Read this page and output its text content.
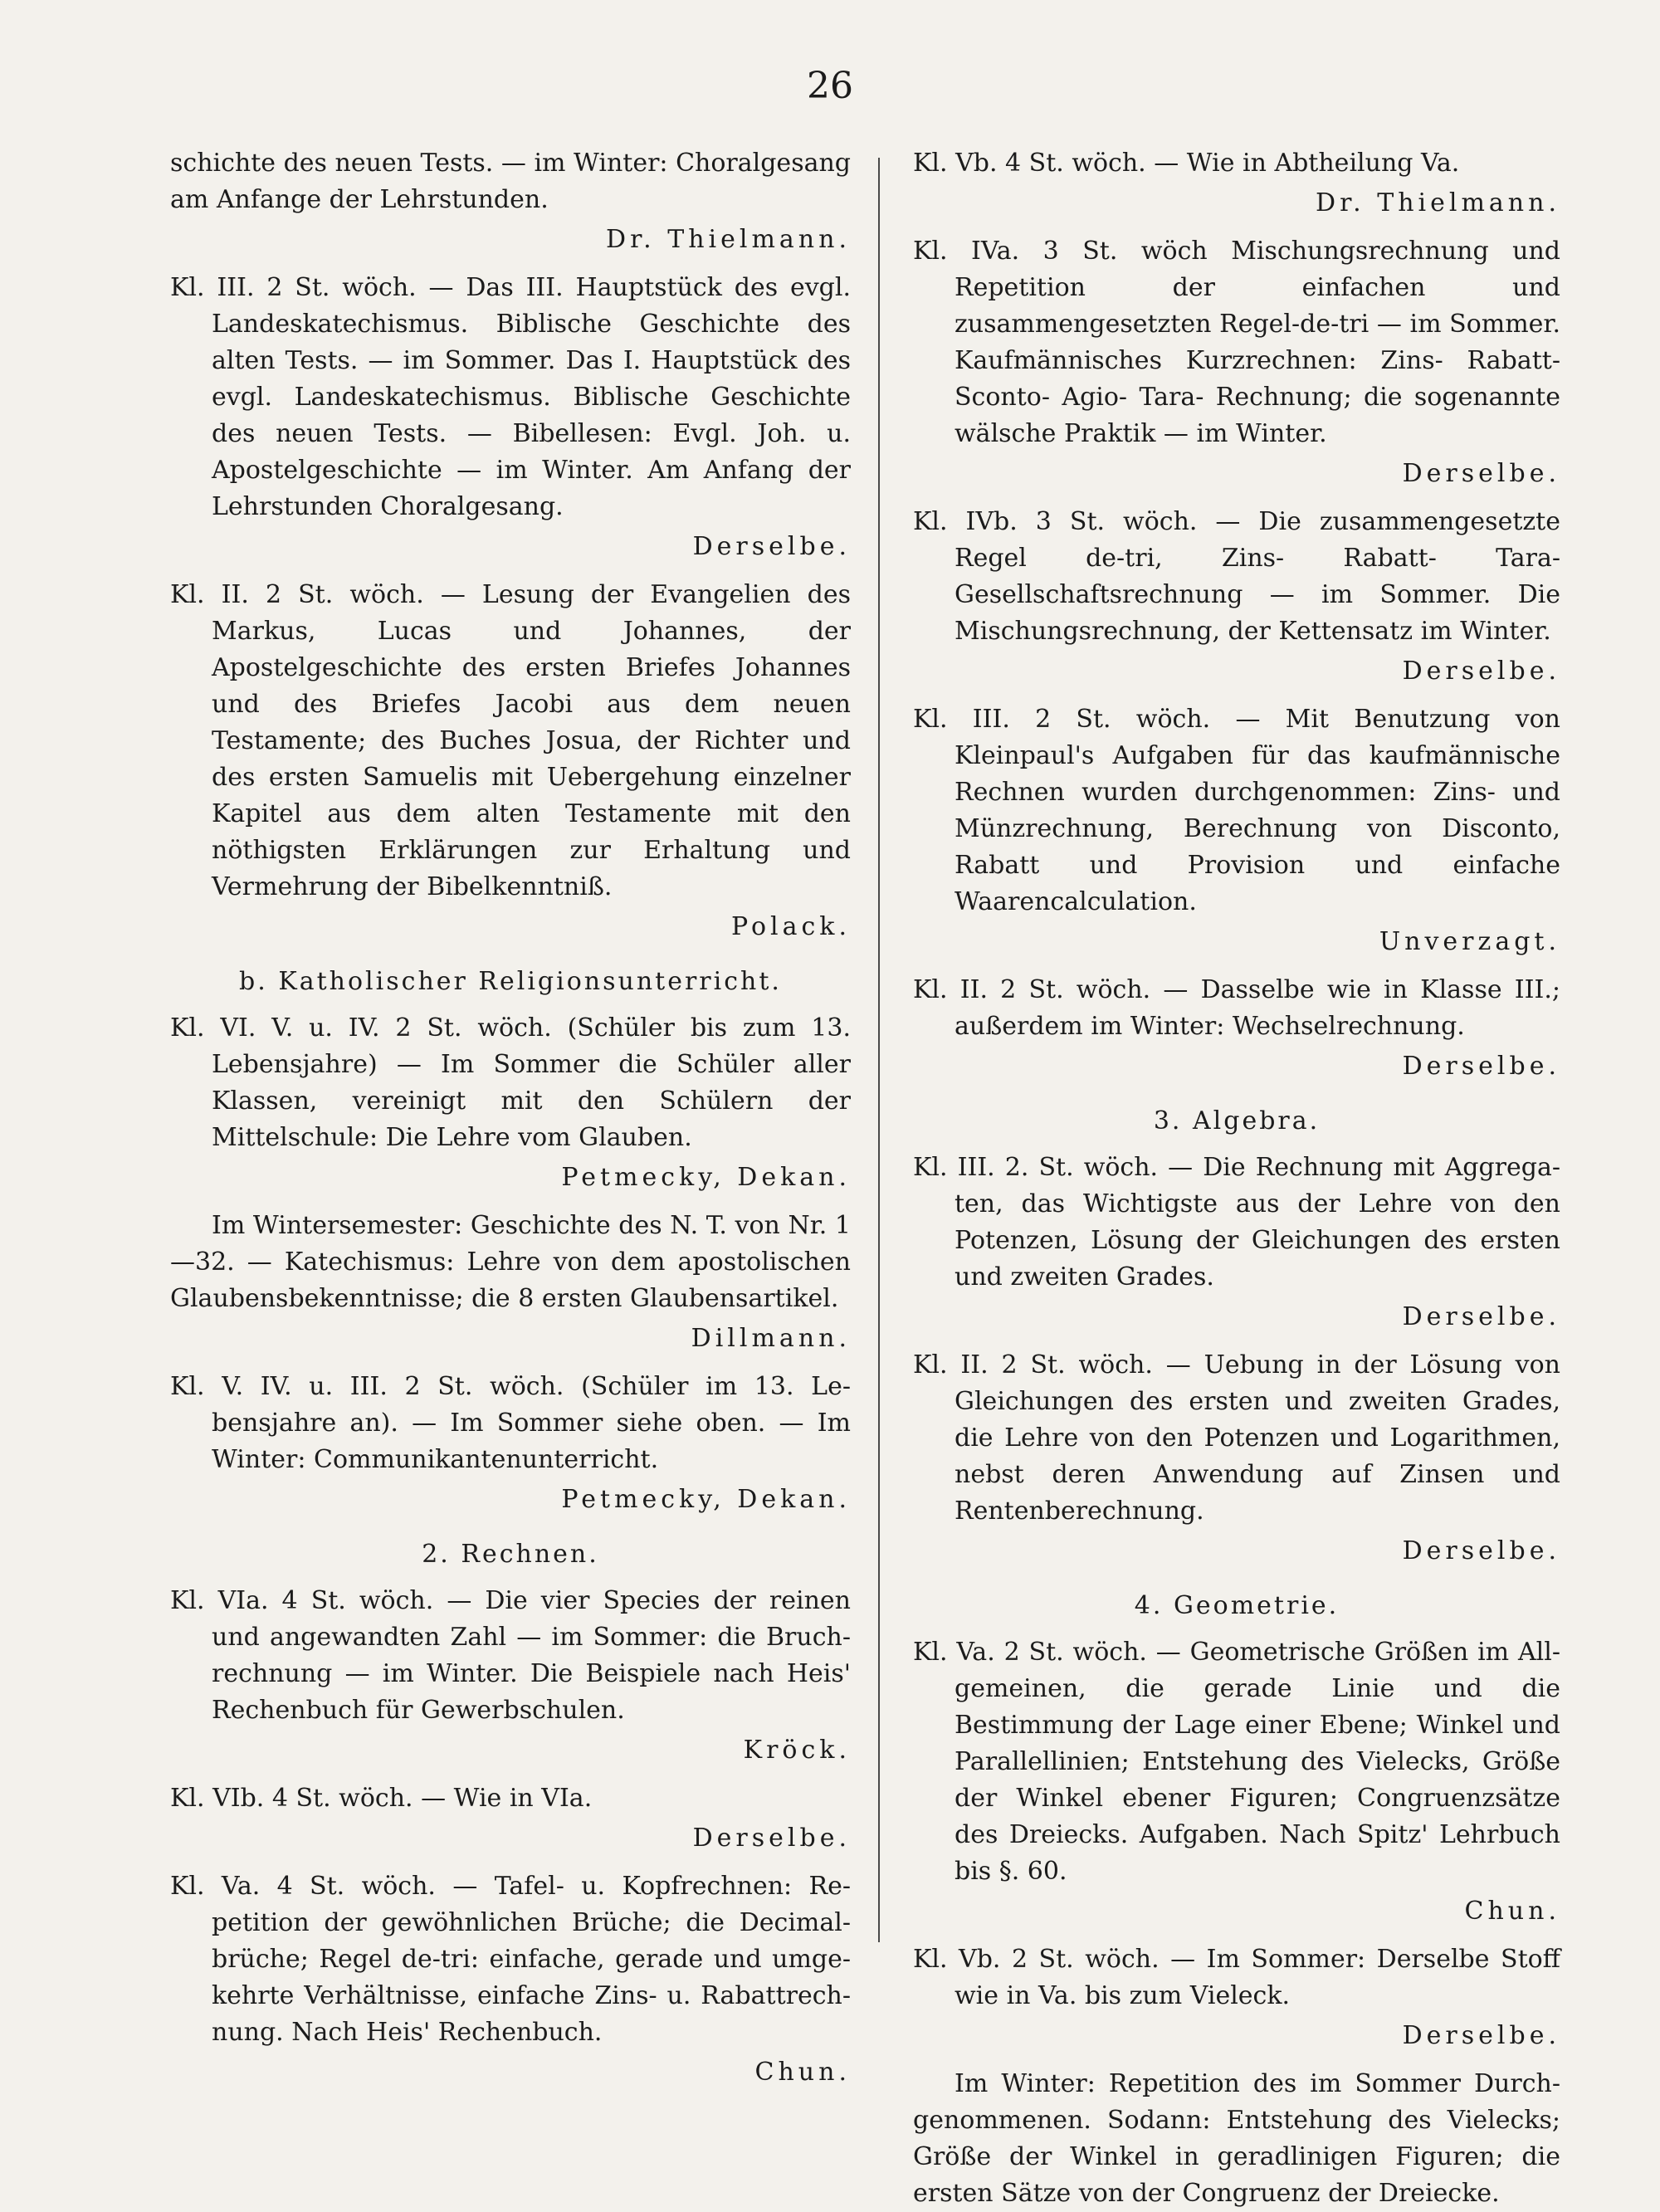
26

schichte des neuen Tests. — im Winter: Choralgesang am Anfange der Lehrstunden.

Dr. Thielmann.

Kl. III. 2 St. wöch. — Das III. Hauptstück des evgl. Landeskatechismus. Biblische Geschichte des alten Tests. — im Sommer. Das I. Hauptstück des evgl. Landeskatechismus. Biblische Geschichte des neuen Tests. — Bibellesen: Evgl. Joh. u. Apostelgeschichte — im Winter. Am Anfang der Lehrstunden Choralgesang.

Derselbe.

Kl. II. 2 St. wöch. — Lesung der Evangelien des Markus, Lucas und Johannes, der Apostelgeschichte des ersten Briefes Johannes und des Briefes Jacobi aus dem neuen Testamente; des Buches Josua, der Richter und des ersten Samuelis mit Uebergehung einzelner Kapitel aus dem alten Testamente mit den nöthigsten Erklärungen zur Erhaltung und Vermehrung der Bibelkenntniß.

Polack.

b. Katholischer Religionsunterricht.

Kl. VI. V. u. IV. 2 St. wöch. (Schüler bis zum 13. Lebensjahre) — Im Sommer die Schüler aller Klassen, vereinigt mit den Schülern der Mittelschule: Die Lehre vom Glauben.

Petmecky, Dekan.

Im Wintersemester: Geschichte des N. T. von Nr. 1—32. — Katechismus: Lehre von dem apostolischen Glaubensbekenntnisse; die 8 ersten Glaubensartikel.

Dillmann.

Kl. V. IV. u. III. 2 St. wöch. (Schüler im 13. Lebensjahre an). — Im Sommer siehe oben. — Im Winter: Communikantenunterricht.

Petmecky, Dekan.

2. Rechnen.

Kl. VIa. 4 St. wöch. — Die vier Species der reinen und angewandten Zahl — im Sommer: die Bruchrechnung — im Winter. Die Beispiele nach Heis' Rechenbuch für Gewerbschulen.

Kröck.

Kl. VIb. 4 St. wöch. — Wie in VIa.

Derselbe.

Kl. Va. 4 St. wöch. — Tafel- u. Kopfrechnen: Repetition der gewöhnlichen Brüche; die Decimalbrüche; Regel de-tri: einfache, gerade und umgekehrte Verhältnisse, einfache Zins- u. Rabattrechnung. Nach Heis' Rechenbuch.

Chun.

Kl. Vb. 4 St. wöch. — Wie in Abtheilung Va.

Dr. Thielmann.

Kl. IVa. 3 St. wöch Mischungsrechnung und Repetition der einfachen und zusammengesetzten Regel-de-tri — im Sommer. Kaufmännisches Kurzrechnen: Zins- Rabatt- Sconto- Agio- Tara- Rechnung; die sogenannte wälsche Praktik — im Winter.

Derselbe.

Kl. IVb. 3 St. wöch. — Die zusammengesetzte Regel de-tri, Zins- Rabatt- Tara- Gesellschaftsrechnung — im Sommer. Die Mischungsrechnung, der Kettensatz im Winter.

Derselbe.

Kl. III. 2 St. wöch. — Mit Benutzung von Kleinpaul's Aufgaben für das kaufmännische Rechnen wurden durchgenommen: Zins- und Münzrechnung, Berechnung von Disconto, Rabatt und Provision und einfache Waarencalculation.

Unverzagt.

Kl. II. 2 St. wöch. — Dasselbe wie in Klasse III.; außerdem im Winter: Wechselrechnung.

Derselbe.

3. Algebra.

Kl. III. 2. St. wöch. — Die Rechnung mit Aggregaten, das Wichtigste aus der Lehre von den Potenzen, Lösung der Gleichungen des ersten und zweiten Grades.

Derselbe.

Kl. II. 2 St. wöch. — Uebung in der Lösung von Gleichungen des ersten und zweiten Grades, die Lehre von den Potenzen und Logarithmen, nebst deren Anwendung auf Zinsen und Rentenberechnung.

Derselbe.

4. Geometrie.

Kl. Va. 2 St. wöch. — Geometrische Größen im Allgemeinen, die gerade Linie und die Bestimmung der Lage einer Ebene; Winkel und Parallellinien; Entstehung des Vielecks, Größe der Winkel ebener Figuren; Congruenzsätze des Dreiecks. Aufgaben. Nach Spitz' Lehrbuch bis §. 60.

Chun.

Kl. Vb. 2 St. wöch. — Im Sommer: Derselbe Stoff wie in Va. bis zum Vieleck.

Derselbe.

Im Winter: Repetition des im Sommer Durchgenommenen. Sodann: Entstehung des Vielecks; Größe der Winkel in geradlinigen Figuren; die ersten Sätze von der Congruenz der Dreiecke.
